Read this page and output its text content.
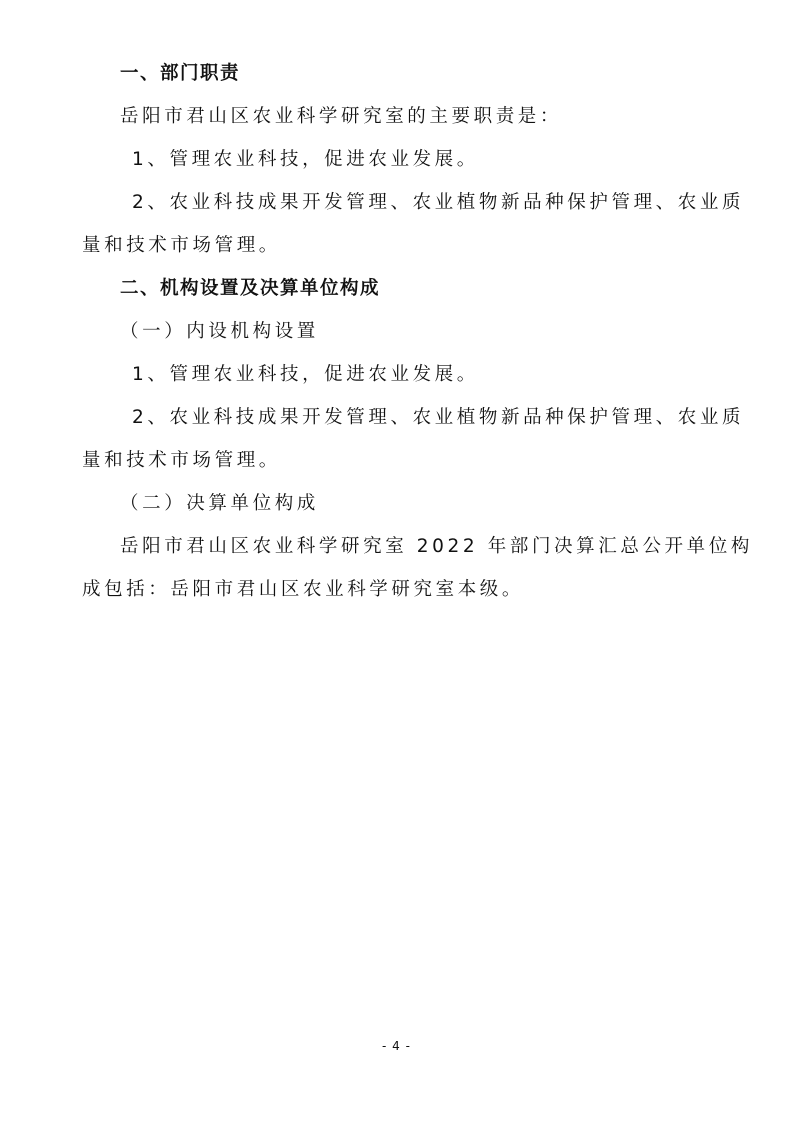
一、部门职责
岳阳市君山区农业科学研究室的主要职责是：
1、管理农业科技，促进农业发展。
2、农业科技成果开发管理、农业植物新品种保护管理、农业质
量和技术市场管理。
二、机构设置及决算单位构成
（一）内设机构设置
1、管理农业科技，促进农业发展。
2、农业科技成果开发管理、农业植物新品种保护管理、农业质
量和技术市场管理。
（二）决算单位构成
岳阳市君山区农业科学研究室 2022 年部门决算汇总公开单位构
成包括：岳阳市君山区农业科学研究室本级。
- 4 -
